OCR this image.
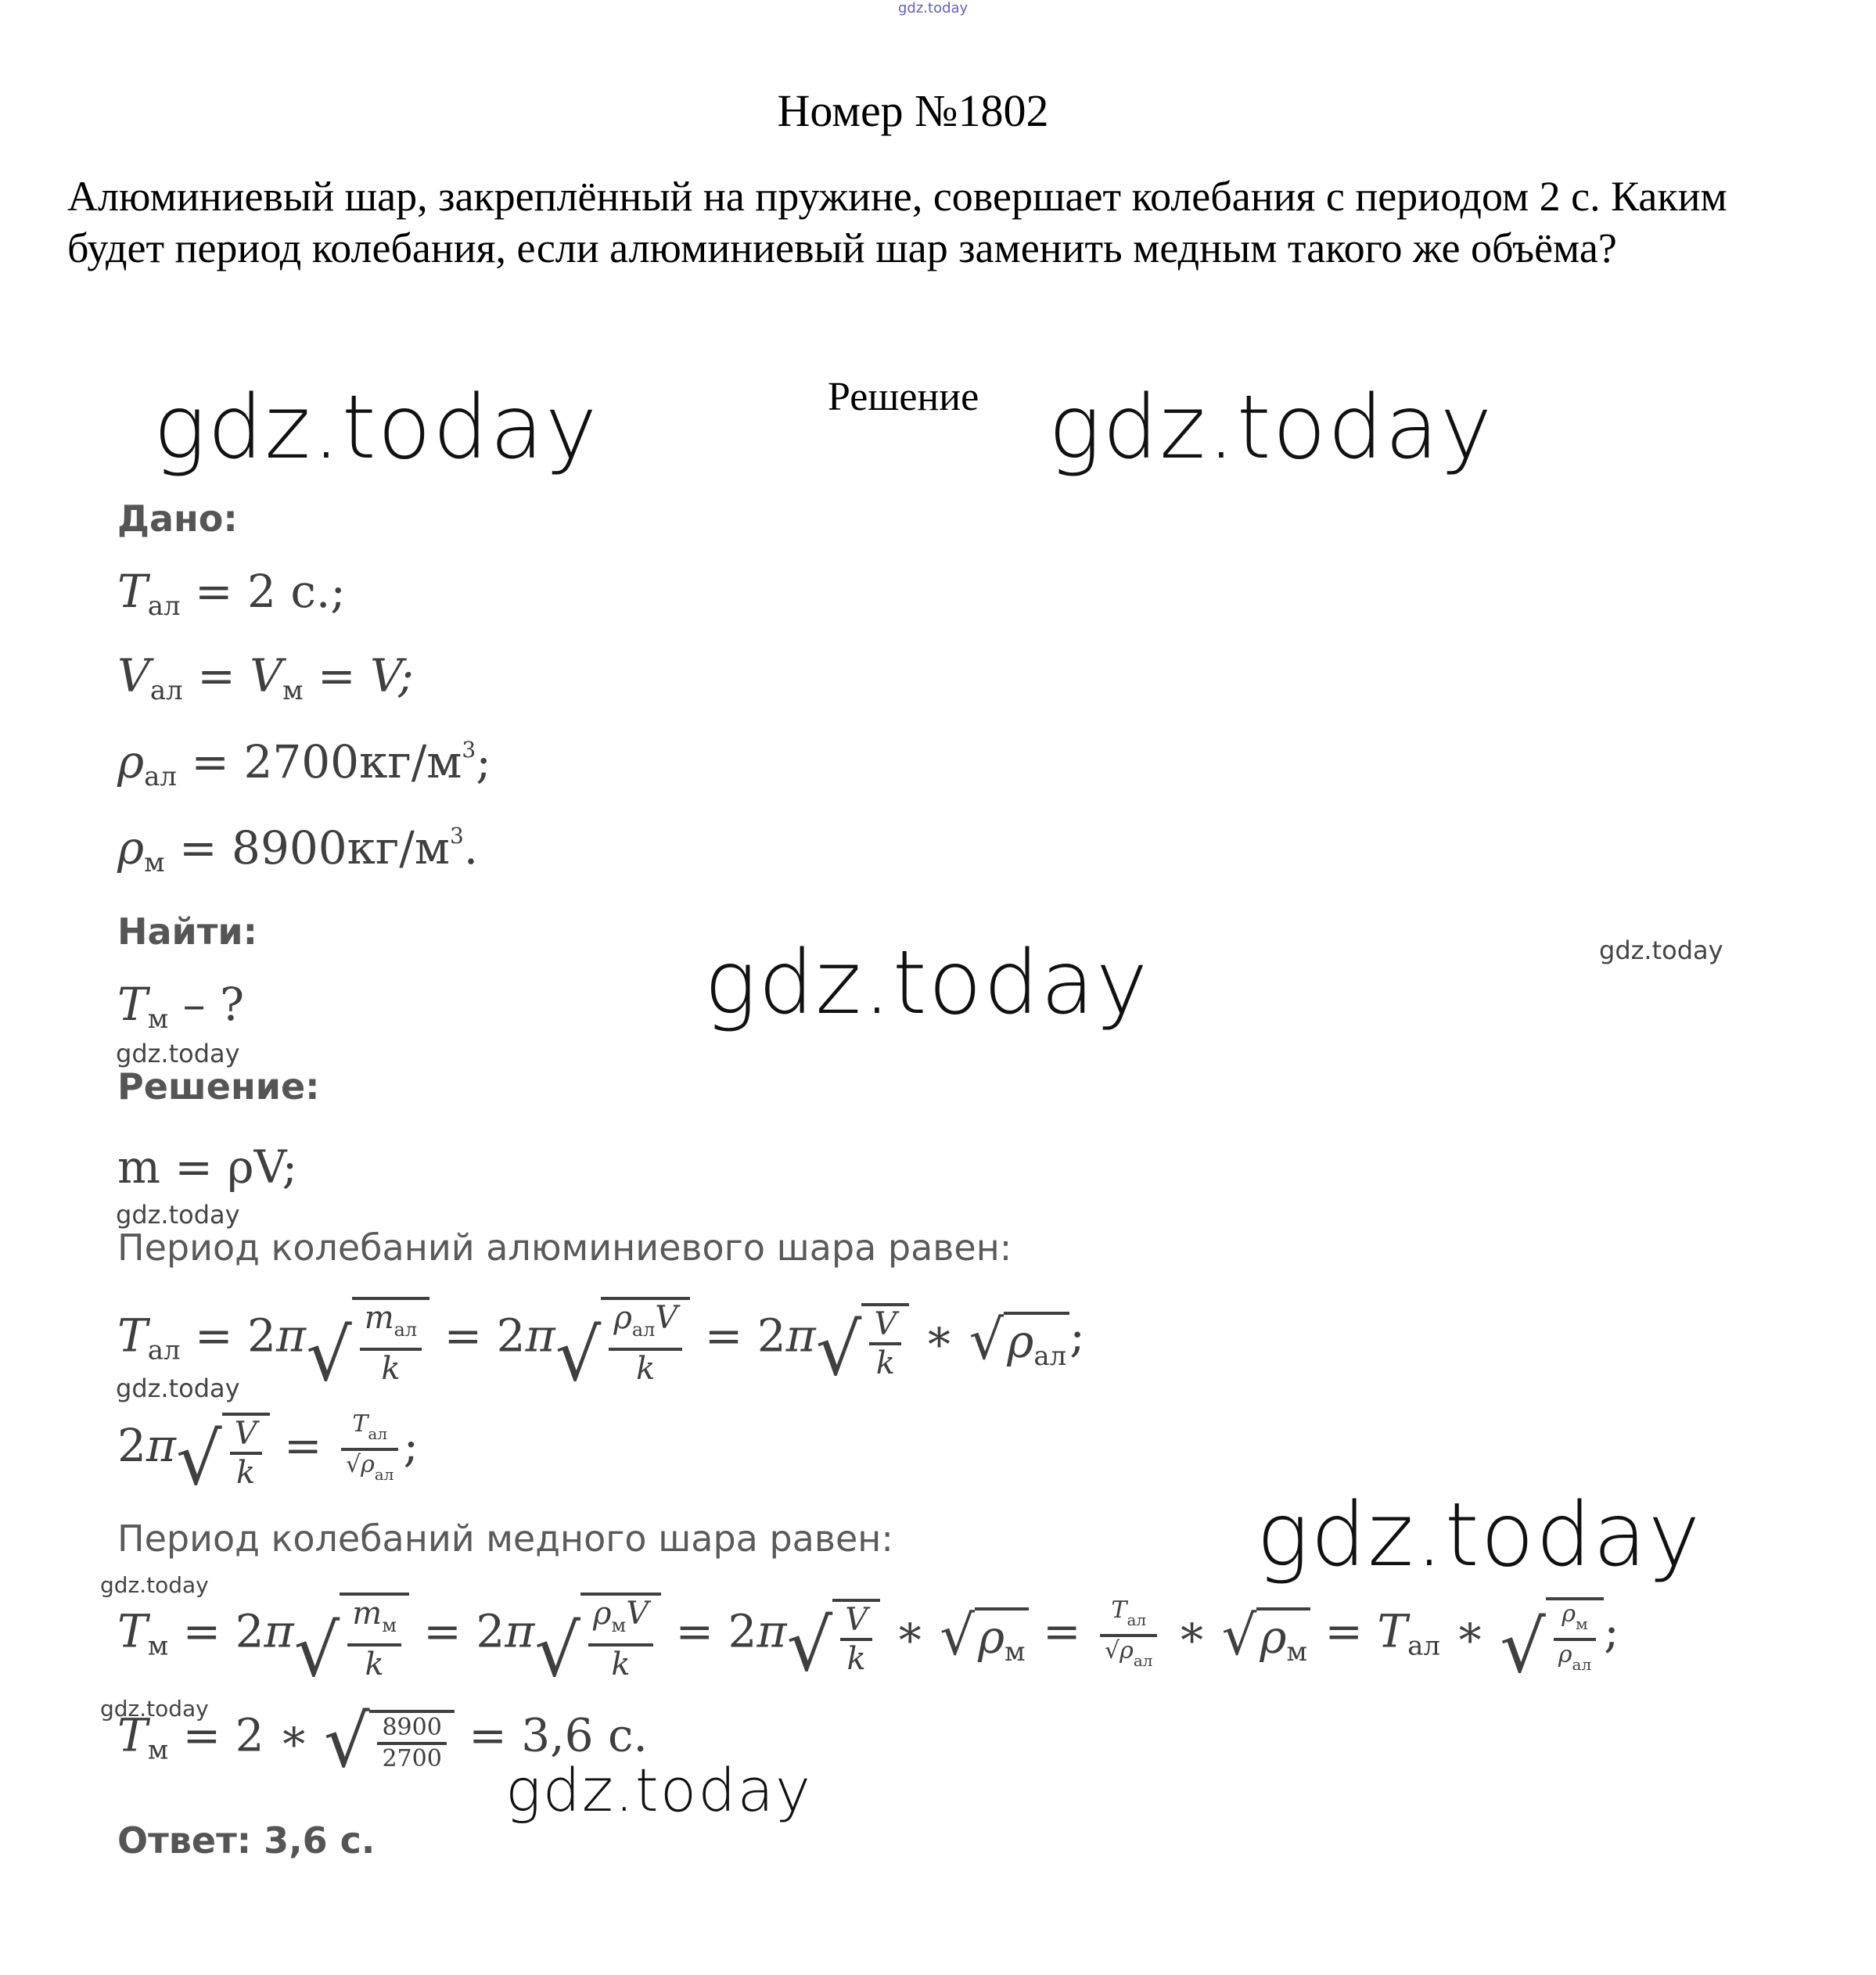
gdz.today
Номер №1802
Алюминиевый шар, закреплённый на пружине, совершает колебания с периодом 2 с. Каким будет период колебания, если алюминиевый шар заменить медным такого же объёма?
Решение
gdz.today	gdz.today
gdz.today
gdz.today
gdz.today
gdz.today
gdz.today
gdz.today
gdz.today
gdz.today
gdz.today
Дано:
$T_{ал} = 2$ с.;
$V_{ал} = V_м = V$;
$\rho_{ал} = 2700кг/м^3$;
$\rho_м = 8900кг/м^3$.
Найти:
$T_м$ – ?
Решение:
m = ρV;
Период колебаний алюминиевого шара равен:
$T_{ал} = 2\pi$ √ $\frac{m_{ал}}{k} = 2\pi$ √ $\frac{\rho_{ал}V}{k} = 2\pi$ √ $\frac{V}{k}$ ∗ √ $\rho_{ал}$ ;
2π √ $\frac{V}{k} = \frac{T_{ал}}{√\rho_{ал}}$ ;
Период колебаний медного шара равен:
$T_м = 2\pi$ √ $\frac{m_м}{k} = 2\pi$ √ $\frac{\rho_мV}{k} = 2\pi$ √ $\frac{V}{k}$ ∗ √ $\rho_м = \frac{T_{ал}}{√\rho_{ал}}$ ∗ √ $\rho_м = T_{ал}$ ∗ √ $\frac{\rho_м}{\rho_{ал}}$ ;
$T_м = 2$ ∗ √ $\frac{8900}{2700} = 3,6$ с.
Ответ: 3,6 с.
